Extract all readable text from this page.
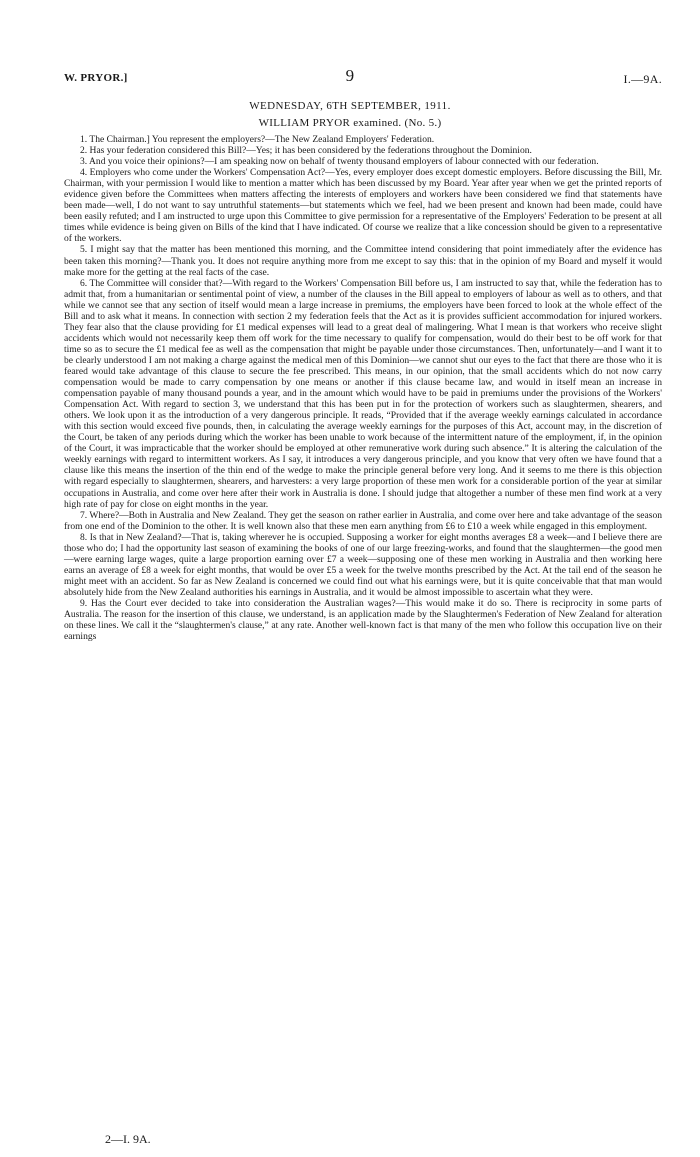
W. PRYOR.]	9	I.—9A.
WEDNESDAY, 6TH SEPTEMBER, 1911.
WILLIAM PRYOR examined. (No. 5.)

1. The Chairman.] You represent the employers?—The New Zealand Employers' Federation.

2. Has your federation considered this Bill?—Yes; it has been considered by the federations throughout the Dominion.

3. And you voice their opinions?—I am speaking now on behalf of twenty thousand employers of labour connected with our federation.

4. Employers who come under the Workers' Compensation Act?—Yes, every employer does except domestic employers. Before discussing the Bill, Mr. Chairman, with your permission I would like to mention a matter which has been discussed by my Board. Year after year when we get the printed reports of evidence given before the Committees when matters affecting the interests of employers and workers have been considered we find that statements have been made—well, I do not want to say untruthful statements—but statements which we feel, had we been present and known had been made, could have been easily refuted; and I am instructed to urge upon this Committee to give permission for a representative of the Employers' Federation to be present at all times while evidence is being given on Bills of the kind that I have indicated. Of course we realize that a like concession should be given to a representative of the workers.

5. I might say that the matter has been mentioned this morning, and the Committee intend considering that point immediately after the evidence has been taken this morning?—Thank you. It does not require anything more from me except to say this: that in the opinion of my Board and myself it would make more for the getting at the real facts of the case.

6. The Committee will consider that?—With regard to the Workers' Compensation Bill before us, I am instructed to say that, while the federation has to admit that, from a humanitarian or sentimental point of view, a number of the clauses in the Bill appeal to employers of labour as well as to others, and that while we cannot see that any section of itself would mean a large increase in premiums, the employers have been forced to look at the whole effect of the Bill and to ask what it means. In connection with section 2 my federation feels that the Act as it is provides sufficient accommodation for injured workers. They fear also that the clause providing for £1 medical expenses will lead to a great deal of malingering. What I mean is that workers who receive slight accidents which would not necessarily keep them off work for the time necessary to qualify for compensation, would do their best to be off work for that time so as to secure the £1 medical fee as well as the compensation that might be payable under those circumstances. Then, unfortunately—and I want it to be clearly understood I am not making a charge against the medical men of this Dominion—we cannot shut our eyes to the fact that there are those who it is feared would take advantage of this clause to secure the fee prescribed. This means, in our opinion, that the small accidents which do not now carry compensation would be made to carry compensation by one means or another if this clause became law, and would in itself mean an increase in compensation payable of many thousand pounds a year, and in the amount which would have to be paid in premiums under the provisions of the Workers' Compensation Act. With regard to section 3, we understand that this has been put in for the protection of workers such as slaughtermen, shearers, and others. We look upon it as the introduction of a very dangerous principle. It reads, “Provided that if the average weekly earnings calculated in accordance with this section would exceed five pounds, then, in calculating the average weekly earnings for the purposes of this Act, account may, in the discretion of the Court, be taken of any periods during which the worker has been unable to work because of the intermittent nature of the employment, if, in the opinion of the Court, it was impracticable that the worker should be employed at other remunerative work during such absence.” It is altering the calculation of the weekly earnings with regard to intermittent workers. As I say, it introduces a very dangerous principle, and you know that very often we have found that a clause like this means the insertion of the thin end of the wedge to make the principle general before very long. And it seems to me there is this objection with regard especially to slaughtermen, shearers, and harvesters: a very large proportion of these men work for a considerable portion of the year at similar occupations in Australia, and come over here after their work in Australia is done. I should judge that altogether a number of these men find work at a very high rate of pay for close on eight months in the year.

7. Where?—Both in Australia and New Zealand. They get the season on rather earlier in Australia, and come over here and take advantage of the season from one end of the Dominion to the other. It is well known also that these men earn anything from £6 to £10 a week while engaged in this employment.

8. Is that in New Zealand?—That is, taking wherever he is occupied. Supposing a worker for eight months averages £8 a week—and I believe there are those who do; I had the opportunity last season of examining the books of one of our large freezing-works, and found that the slaughtermen—the good men—were earning large wages, quite a large proportion earning over £7 a week—supposing one of these men working in Australia and then working here earns an average of £8 a week for eight months, that would be over £5 a week for the twelve months prescribed by the Act. At the tail end of the season he might meet with an accident. So far as New Zealand is concerned we could find out what his earnings were, but it is quite conceivable that that man would absolutely hide from the New Zealand authorities his earnings in Australia, and it would be almost impossible to ascertain what they were.

9. Has the Court ever decided to take into consideration the Australian wages?—This would make it do so. There is reciprocity in some parts of Australia. The reason for the insertion of this clause, we understand, is an application made by the Slaughtermen's Federation of New Zealand for alteration on these lines. We call it the “slaughtermen's clause,” at any rate. Another well-known fact is that many of the men who follow this occupation live on their earnings

2—I. 9A.
